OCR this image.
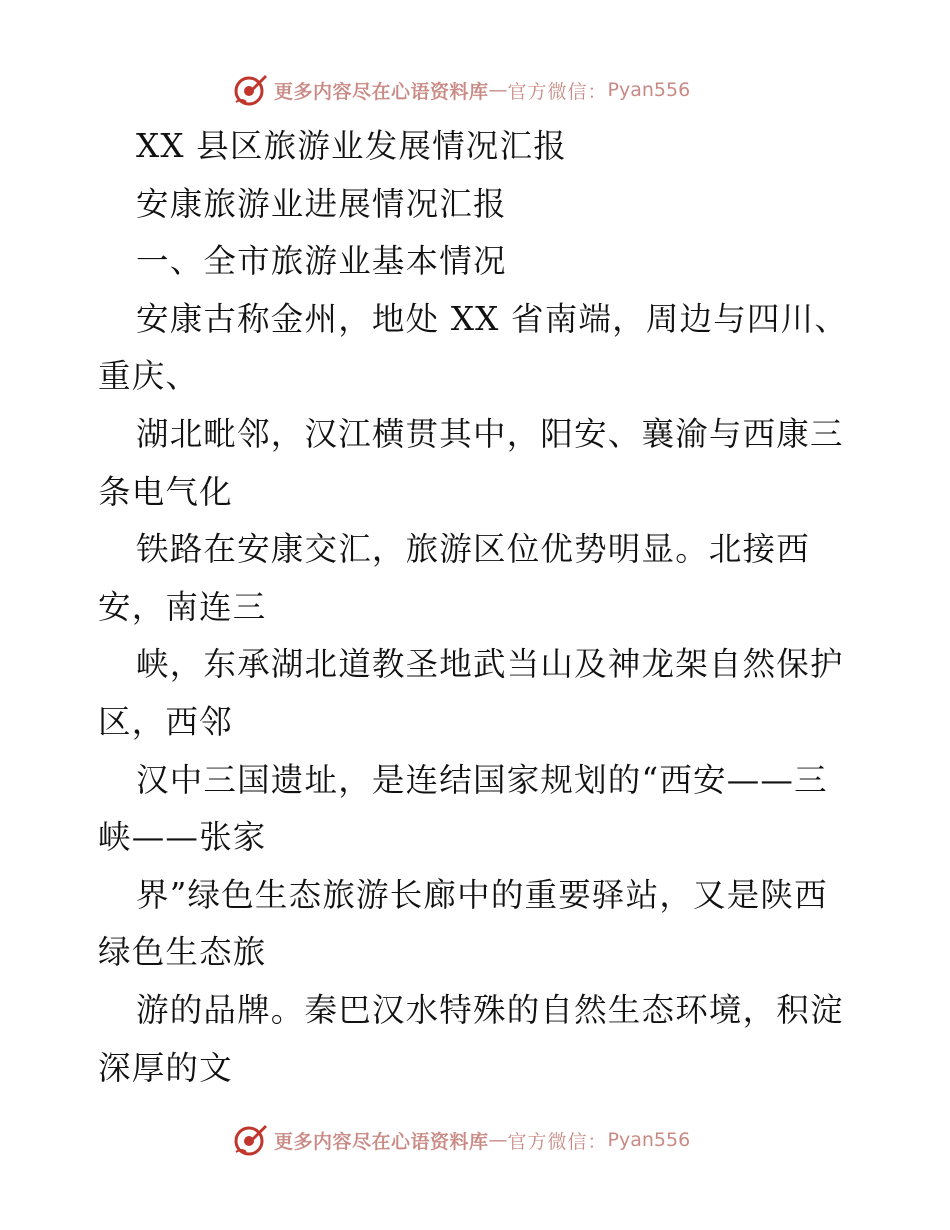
更多内容尽在心语资料库 — 官方微信： Pyan556
XX 县区旅游业发展情况汇报
安康旅游业进展情况汇报
一、全市旅游业基本情况
安康古称金州，地处 XX 省南端，周边与四川、
重庆、
湖北毗邻，汉江横贯其中，阳安、襄渝与西康三
条电气化
铁路在安康交汇，旅游区位优势明显。北接西
安，南连三
峡，东承湖北道教圣地武当山及神龙架自然保护
区，西邻
汉中三国遗址，是连结国家规划的“西安——三
峡——张家
界”绿色生态旅游长廊中的重要驿站，又是陕西
绿色生态旅
游的品牌。秦巴汉水特殊的自然生态环境，积淀
深厚的文
更多内容尽在心语资料库 — 官方微信： Pyan556
